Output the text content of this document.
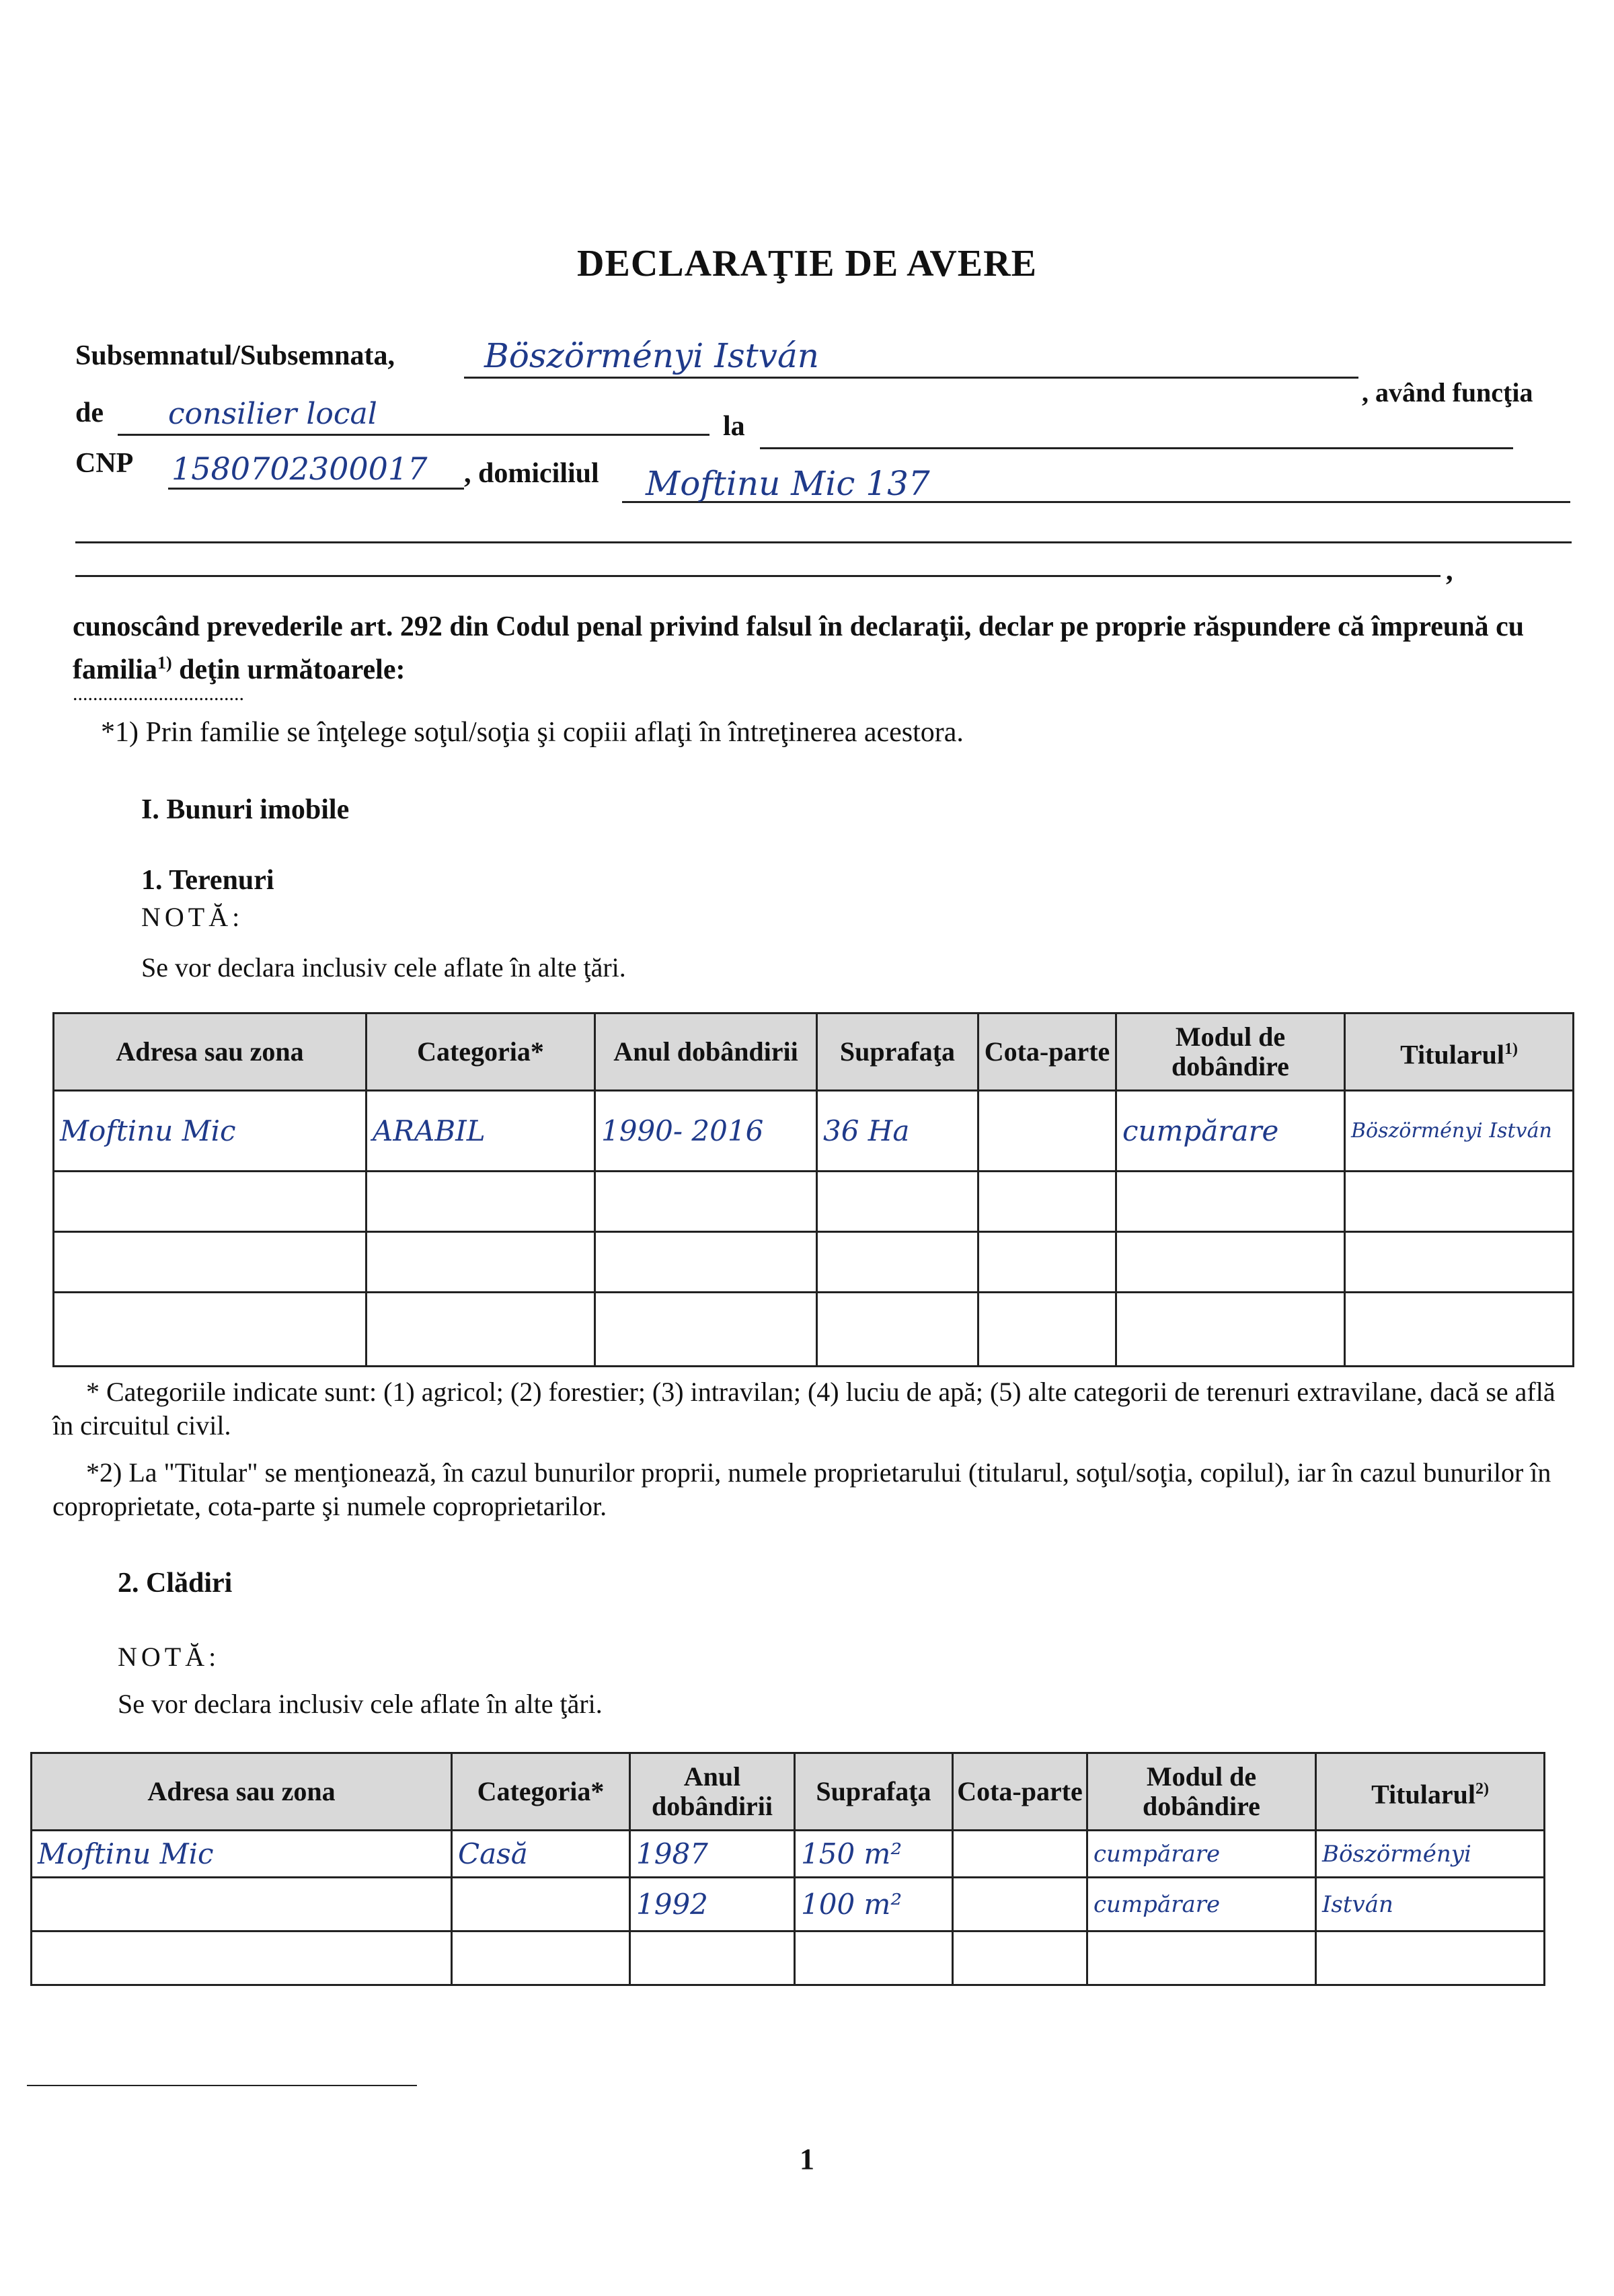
DECLARAŢIE DE AVERE
Subsemnatul/Subsemnata,	Böszörményi István
, având funcţia
de consilier local	la
CNP 1580702300017 , domiciliul Moftinu Mic 137
,
cunoscând prevederile art. 292 din Codul penal privind falsul în declaraţii, declar pe proprie răspundere că împreună cu familia$^{1)}$ deţin următoarele:
..................................
*1) Prin familie se înţelege soţul/soţia şi copiii aflaţi în întreţinerea acestora.
I. Bunuri imobile
1. Terenuri
NOTĂ:
Se vor declara inclusiv cele aflate în alte ţări.
Adresa sau zona	Categoria*	Anul dobândirii	Suprafaţa	Cota-parte	Modul de dobândire	Titularul$^{1)}$
Moftinu Mic	ARABIL	1990- 2016	36 Ha		cumpărare	Böszörményi István

* Categoriile indicate sunt: (1) agricol; (2) forestier; (3) intravilan; (4) luciu de apă; (5) alte categorii de terenuri extravilane, dacă se află în circuitul civil.
*2) La "Titular" se menţionează, în cazul bunurilor proprii, numele proprietarului (titularul, soţul/soţia, copilul), iar în cazul bunurilor în coproprietate, cota-parte şi numele coproprietarilor.
2. Clădiri
NOTĂ:
Se vor declara inclusiv cele aflate în alte ţări.
Adresa sau zona	Categoria*	Anul dobândirii	Suprafaţa	Cota-parte	Modul de dobândire	Titularul$^{2)}$
Moftinu Mic	Casă	1987	150 m²		cumpărare	Böszörményi
		1992	100 m²		cumpărare	István

1
